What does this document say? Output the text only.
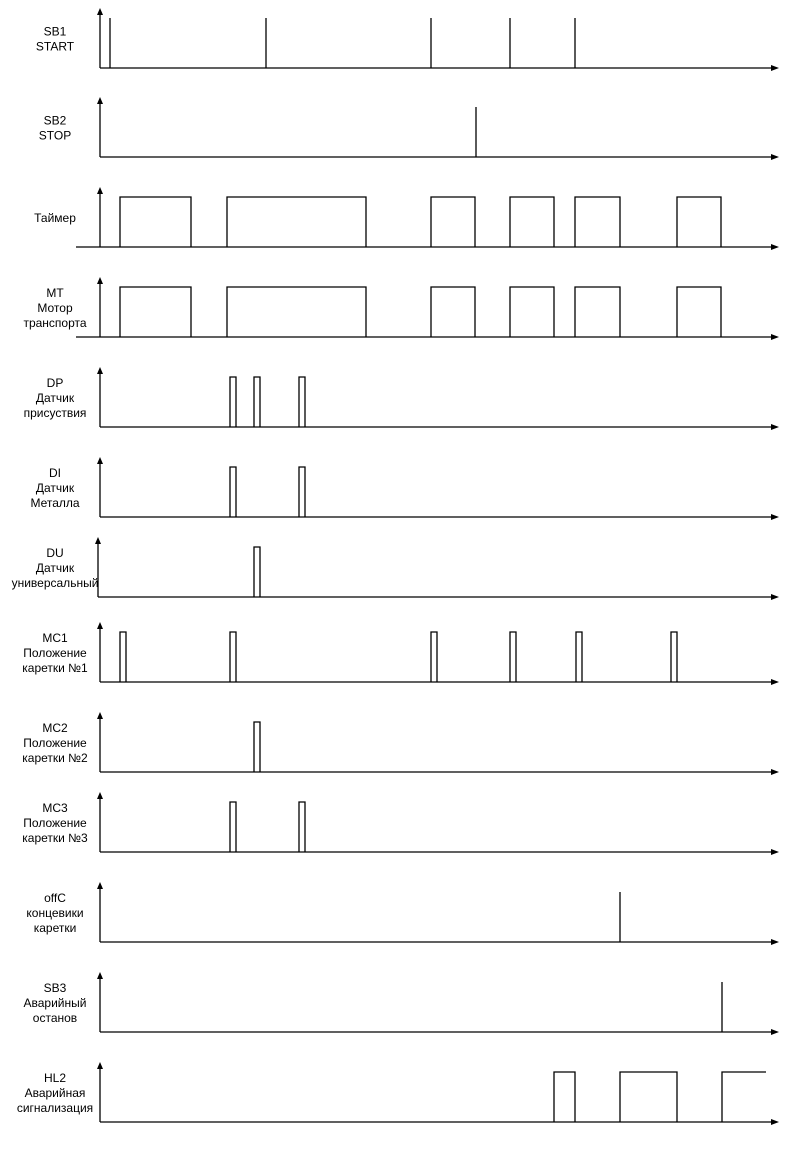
SB1 START
SB2 STOP
Таймер
MT Мотор транспорта
DP Датчик присуствия
DI Датчик Металла
DU Датчик универсальный
MC1 Положение каретки №1
MC2 Положение каретки №2
MC3 Положение каретки №3
offC концевики каретки
SB3 Аварийный останов
HL2 Аварийная сигнализация
